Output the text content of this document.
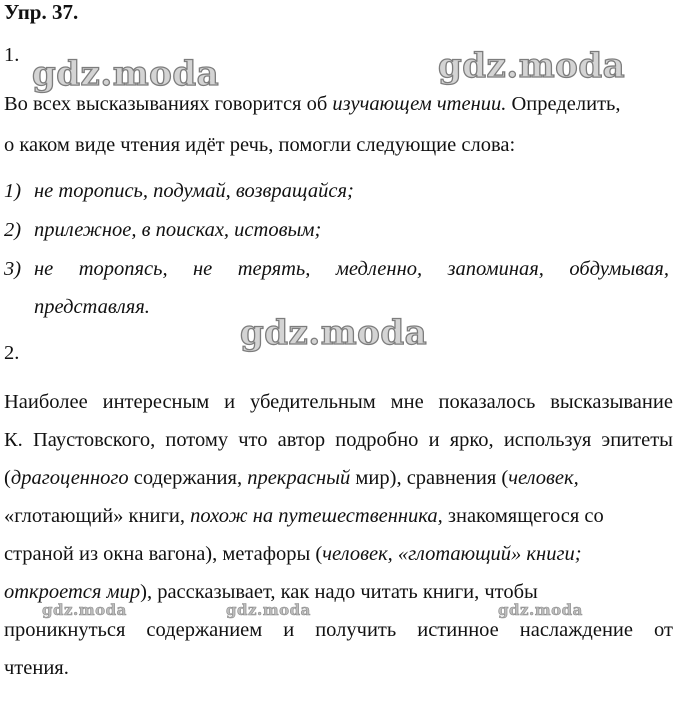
gdz.moda	gdz.moda
gdz.moda
gdz.moda	gdz.moda	gdz.moda
Упр. 37.
1.
Во всех высказываниях говорится об изучающем чтении. Определить,
о каком виде чтения идёт речь, помогли следующие слова:
1) не торопись, подумай, возвращайся;
2) прилежное, в поисках, истовым;
3) не торопясь, не терять, медленно, запоминая, обдумывая,
представляя.
2.
Наиболее интересным и убедительным мне показалось высказывание
К. Паустовского, потому что автор подробно и ярко, используя эпитеты
(драгоценного содержания, прекрасный мир), сравнения (человек,
«глотающий» книги, похож на путешественника, знакомящегося со
страной из окна вагона), метафоры (человек, «глотающий» книги;
откроется мир), рассказывает, как надо читать книги, чтобы
проникнуться содержанием и получить истинное наслаждение от
чтения.
